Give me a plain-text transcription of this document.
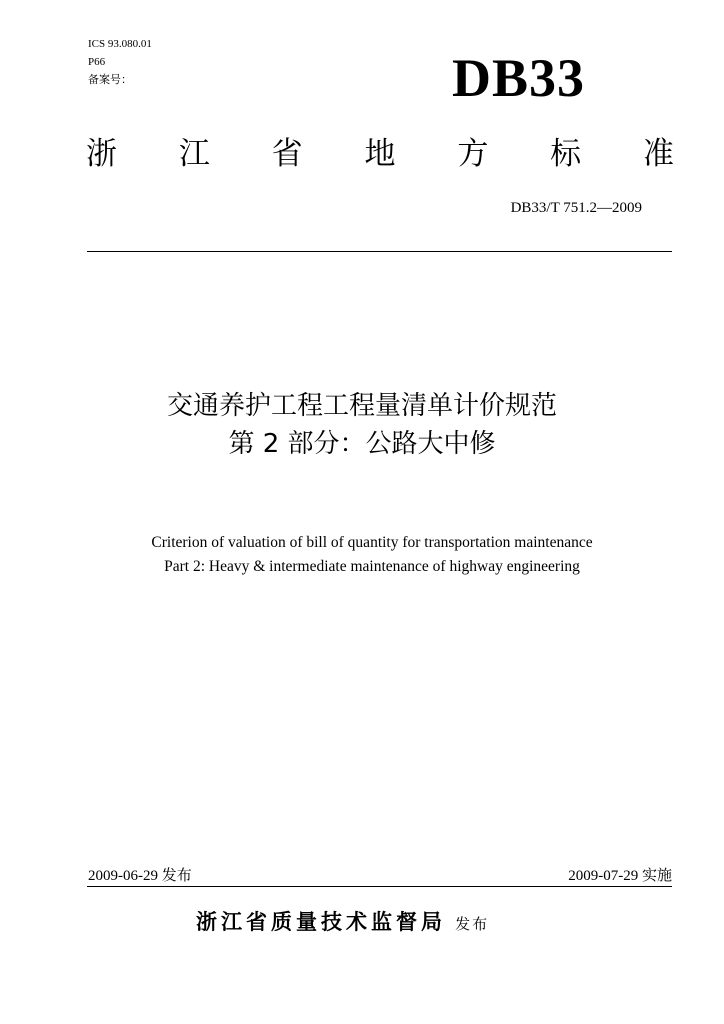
ICS 93.080.01
P66
备案号：	DB33
浙 江 省 地 方 标 准
DB33/T 751.2—2009
交通养护工程工程量清单计价规范
第 2 部分：公路大中修
Criterion of valuation of bill of quantity for transportation maintenance
Part 2: Heavy & intermediate maintenance of highway engineering
2009-06-29 发布	2009-07-29 实施
浙江省质量技术监督局 发布
